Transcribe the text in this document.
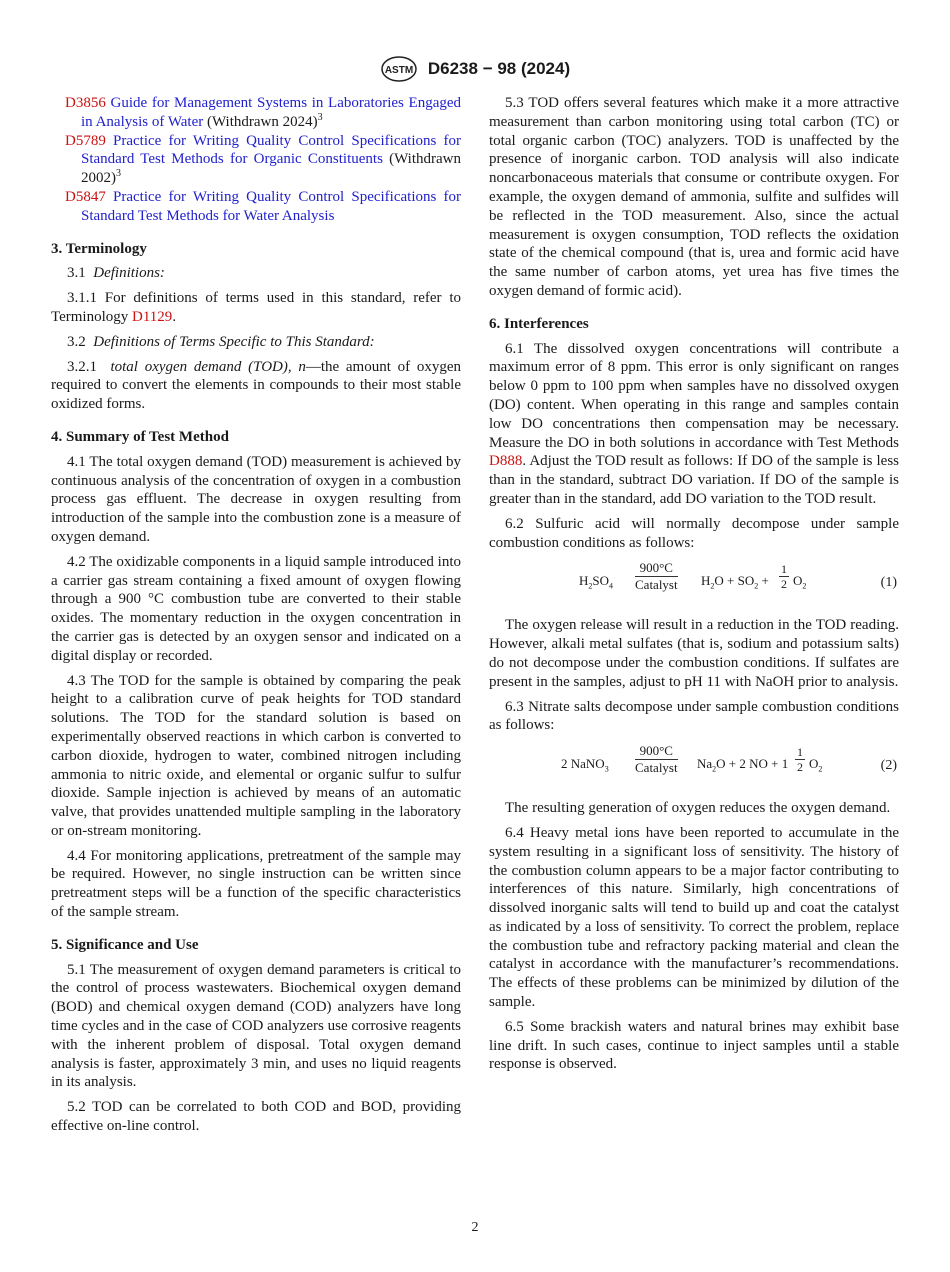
ASTM D6238 − 98 (2024)
D3856 Guide for Management Systems in Laboratories Engaged in Analysis of Water (Withdrawn 2024)$^3$
D5789 Practice for Writing Quality Control Specifications for Standard Test Methods for Organic Constituents (Withdrawn 2002)$^3$
D5847 Practice for Writing Quality Control Specifications for Standard Test Methods for Water Analysis
3. Terminology

3.1 Definitions:

3.1.1 For definitions of terms used in this standard, refer to Terminology D1129.

3.2 Definitions of Terms Specific to This Standard:

3.2.1 total oxygen demand (TOD), n—the amount of oxygen required to convert the elements in compounds to their most stable oxidized forms.

4. Summary of Test Method

4.1 The total oxygen demand (TOD) measurement is achieved by continuous analysis of the concentration of oxygen in a combustion process gas effluent. The decrease in oxygen resulting from introduction of the sample into the combustion zone is a measure of oxygen demand.

4.2 The oxidizable components in a liquid sample introduced into a carrier gas stream containing a fixed amount of oxygen flowing through a 900 °C combustion tube are converted to their stable oxides. The momentary reduction in the oxygen concentration in the carrier gas is detected by an oxygen sensor and indicated on a digital display or recorded.

4.3 The TOD for the sample is obtained by comparing the peak height to a calibration curve of peak heights for TOD standard solutions. The TOD for the standard solution is based on experimentally observed reactions in which carbon is converted to carbon dioxide, hydrogen to water, combined nitrogen including ammonia to nitric oxide, and elemental or organic sulfur to sulfur dioxide. Sample injection is achieved by means of an automatic valve, that provides unattended multiple sampling in the laboratory or on-stream monitoring.

4.4 For monitoring applications, pretreatment of the sample may be required. However, no single instruction can be written since pretreatment steps will be a function of the specific characteristics of the sample stream.

5. Significance and Use

5.1 The measurement of oxygen demand parameters is critical to the control of process wastewaters. Biochemical oxygen demand (BOD) and chemical oxygen demand (COD) analyzers have long time cycles and in the case of COD analyzers use corrosive reagents with the inherent problem of disposal. Total oxygen demand analysis is faster, approximately 3 min, and uses no liquid reagents in its analysis.

5.2 TOD can be correlated to both COD and BOD, providing effective on-line control.

5.3 TOD offers several features which make it a more attractive measurement than carbon monitoring using total carbon (TC) or total organic carbon (TOC) analyzers. TOD is unaffected by the presence of inorganic carbon. TOD analysis will also indicate noncarbonaceous materials that consume or contribute oxygen. For example, the oxygen demand of ammonia, sulfite and sulfides will be reflected in the TOD measurement. Also, since the actual measurement is oxygen consumption, TOD reflects the oxidation state of the chemical compound (that is, urea and formic acid have the same number of carbon atoms, yet urea has five times the oxygen demand of formic acid).

6. Interferences

6.1 The dissolved oxygen concentrations will contribute a maximum error of 8 ppm. This error is only significant on ranges below 0 ppm to 100 ppm when samples have no dissolved oxygen (DO) content. When operating in this range and samples contain low DO concentrations then compensation may be necessary. Measure the DO in both solutions in accordance with Test Methods D888. Adjust the TOD result as follows: If DO of the sample is less than in the standard, subtract DO variation. If DO of the sample is greater than in the standard, add DO variation to the TOD result.

6.2 Sulfuric acid will normally decompose under sample combustion conditions as follows:

$H_2SO_4$
900°C
Catalyst $H_2O + SO_2 + \frac{1}{2} O_2$	(1)

The oxygen release will result in a reduction in the TOD reading. However, alkali metal sulfates (that is, sodium and potassium salts) do not decompose under the combustion conditions. If sulfates are present in the samples, adjust to pH 11 with NaOH prior to analysis.

6.3 Nitrate salts decompose under sample combustion conditions as follows:

2 NaNO$_3$
900°C
Catalyst $Na_2O + 2$ NO + $1 \frac{1}{2} O_2$	(2)

The resulting generation of oxygen reduces the oxygen demand.

6.4 Heavy metal ions have been reported to accumulate in the system resulting in a significant loss of sensitivity. The history of the combustion column appears to be a major factor contributing to interferences of this nature. Similarly, high concentrations of dissolved inorganic salts will tend to build up and coat the catalyst as indicated by a loss of sensitivity. To correct the problem, replace the combustion tube and refractory packing material and clean the catalyst in accordance with the manufacturer’s recommendations. The effects of these problems can be minimized by dilution of the sample.

6.5 Some brackish waters and natural brines may exhibit base line drift. In such cases, continue to inject samples until a stable response is observed.

2
